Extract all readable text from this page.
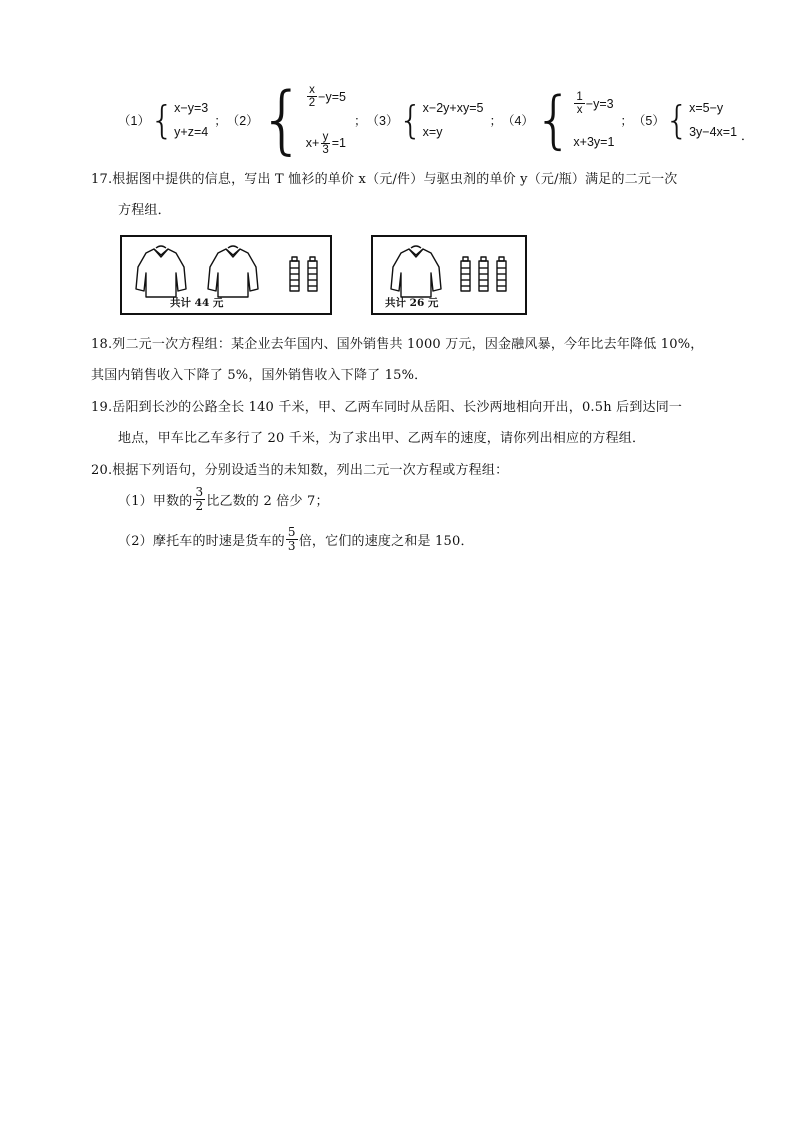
（1） { x−y=3
y+z=4
； （2） { $\frac{x}{2} -y=5$
$x+ \frac{y}{3} =1$
； （3） { x−2y+xy=5
x=y
； （4） { $\frac{1}{x} -y=3$
x+3y=1
； （5） { x=5−y
3y−4x=1 ．
17.根据图中提供的信息，写出 T 恤衫的单价 x（元/件）与驱虫剂的单价 y（元/瓶）满足的二元一次
方程组．
共计 44 元	共计 26 元
18.列二元一次方程组：某企业去年国内、国外销售共 1000 万元，因金融风暴，今年比去年降低 10%，
其国内销售收入下降了 5%，国外销售收入下降了 15%．
19.岳阳到长沙的公路全长 140 千米，甲、乙两车同时从岳阳、长沙两地相向开出，0.5h 后到达同一
地点，甲车比乙车多行了 20 千米，为了求出甲、乙两车的速度，请你列出相应的方程组．
20.根据下列语句，分别设适当的未知数，列出二元一次方程或方程组：
（1）甲数的 $\frac{3}{2}$ 比乙数的 2 倍少 7；
（2）摩托车的时速是货车的 $\frac{5}{3}$ 倍，它们的速度之和是 150．
